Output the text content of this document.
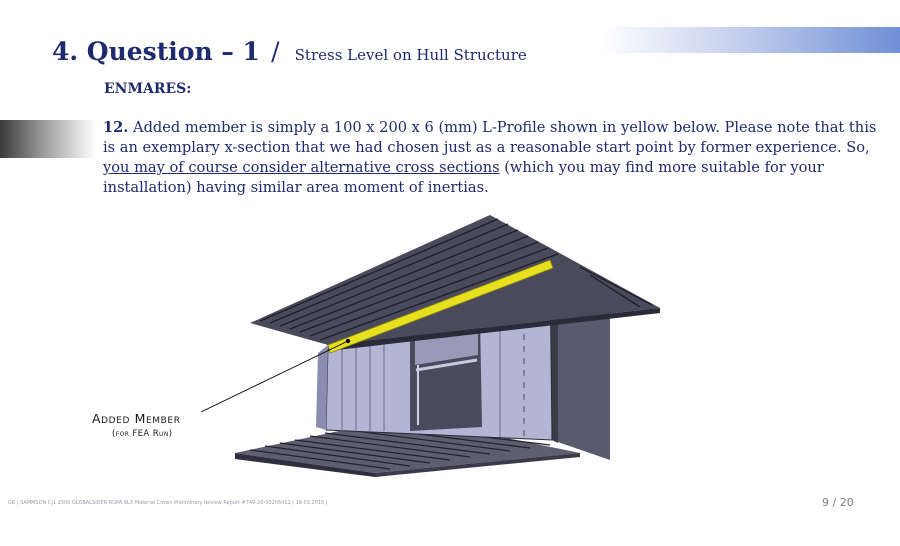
4. Question – 1 / Stress Level on Hull Structure

ENMARES:

12. Added member is simply a 100 x 200 x 6 (mm) L-Profile shown in yellow below. Please note that this is an exemplary x-section that we had chosen just as a reasonable start point by former experience. So, you may of course consider alternative cross sections (which you may find more suitable for your installation) having similar area moment of inertias.

Added Member
(for FEA Run)
GB | SAMMSON CJ1 2500 GLOBALSIDER ROPA 9LX Material Crown Preliminary Review Report #749-20-00205012 | 19.03.2015 |	9 / 20
